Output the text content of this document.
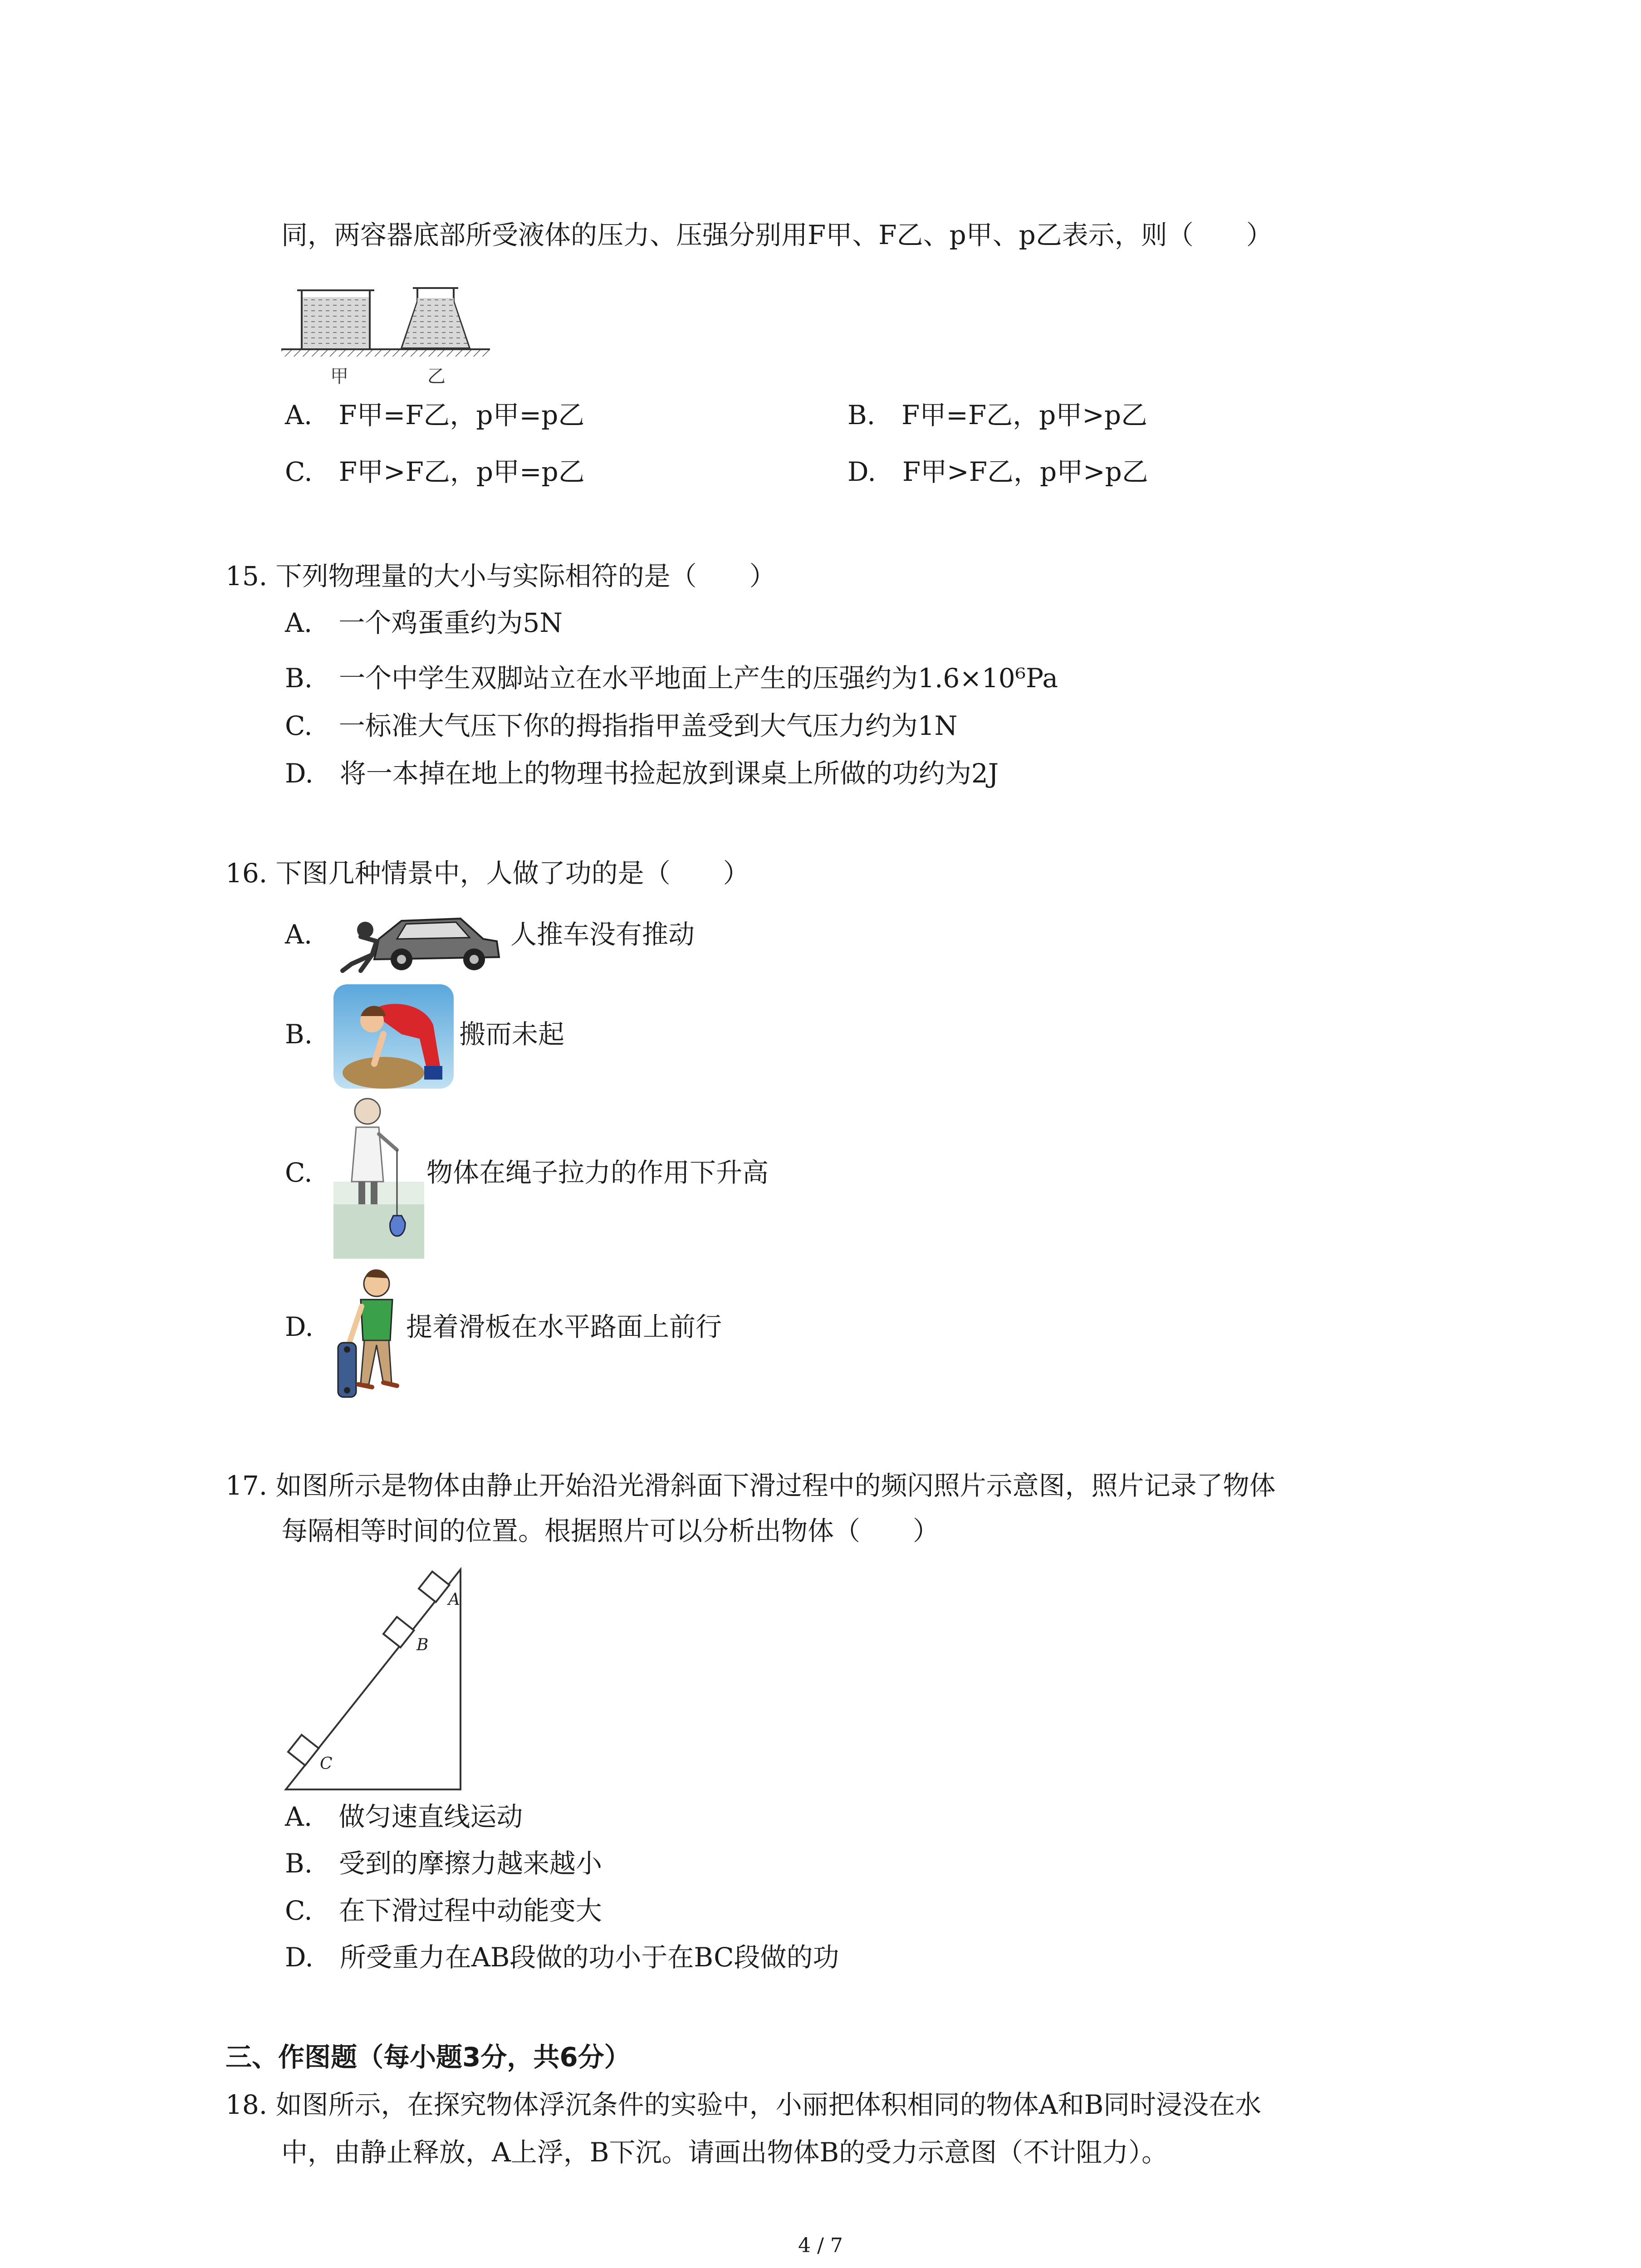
同，两容器底部所受液体的压力、压强分别用F甲、F乙、p甲、p乙表示，则（　　）
甲	乙
A.　F甲=F乙，p甲=p乙	B.　F甲=F乙，p甲>p乙
C.　F甲>F乙，p甲=p乙	D.　F甲>F乙，p甲>p乙
15. 下列物理量的大小与实际相符的是（　　）
A.　一个鸡蛋重约为5N
B.　一个中学生双脚站立在水平地面上产生的压强约为1.6×10⁶Pa
C.　一标准大气压下你的拇指指甲盖受到大气压力约为1N
D.　将一本掉在地上的物理书捡起放到课桌上所做的功约为2J
16. 下图几种情景中，人做了功的是（　　）
A.	人推车没有推动
B.	搬而未起
C.	物体在绳子拉力的作用下升高
D.	提着滑板在水平路面上前行
17. 如图所示是物体由静止开始沿光滑斜面下滑过程中的频闪照片示意图，照片记录了物体
每隔相等时间的位置。根据照片可以分析出物体（　　）
A
B
C
A.　做匀速直线运动
B.　受到的摩擦力越来越小
C.　在下滑过程中动能变大
D.　所受重力在AB段做的功小于在BC段做的功
三、作图题（每小题3分，共6分）
18. 如图所示，在探究物体浮沉条件的实验中，小丽把体积相同的物体A和B同时浸没在水
中，由静止释放，A上浮，B下沉。请画出物体B的受力示意图（不计阻力）。
4 / 7
